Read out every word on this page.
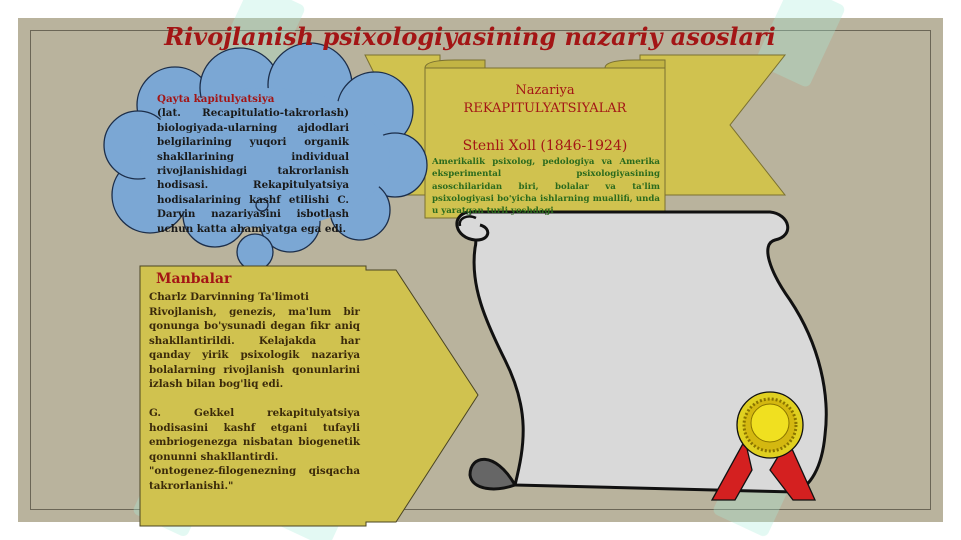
Rivojlanish psixologiyasining nazariy asoslari
Qayta kapitulyatsiya
(lat. Recapitulatio-takrorlash) biologiyada-ularning ajdodlari belgilarining yuqori organik shakllarining individual rivojlanishidagi takrorlanish hodisasi. Rekapitulyatsiya hodisalarining kashf etilishi C. Darvin nazariyasini isbotlash uchun katta ahamiyatga ega edi.
Nazariya
REKAPITULYATSIYALAR
Stenli Xoll (1846-1924)
Amerikalik psixolog, pedologiya va Amerika eksperimental psixologiyasining asoschilaridan biri, bolalar va ta'lim psixologiyasi bo'yicha ishlarning muallifi, unda u yaratgan turli yoshdagi
Manbalar
Charlz Darvinning Ta'limoti
Rivojlanish, genezis, ma'lum bir qonunga bo'ysunadi degan fikr aniq shakllantirildi. Kelajakda har qanday yirik psixologik nazariya bolalarning rivojlanish qonunlarini izlash bilan bog'liq edi.
G. Gekkel rekapitulyatsiya hodisasini kashf etgani tufayli embriogenezga nisbatan biogenetik qonunni shakllantirdi.
"ontogenez-filogenezning qisqacha takrorlanishi."
